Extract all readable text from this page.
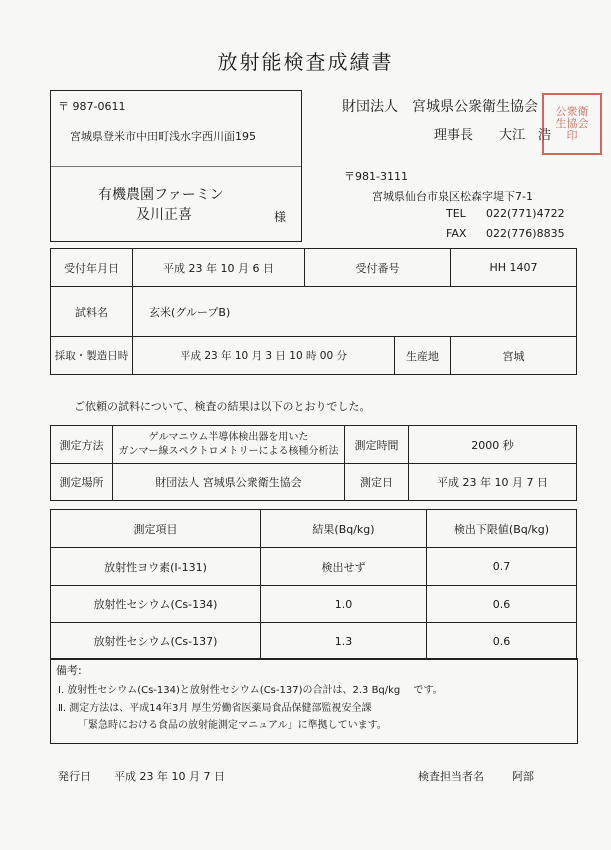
放射能検査成績書
〒 987-0611
宮城県登米市中田町浅水字西川面195
有機農園ファーミン
及川正喜	様
財団法人　宮城県公衆衛生協会
理事長　　大江　浩
公衆衛生協会印
〒981-3111
宮城県仙台市泉区松森字堤下7-1
TEL 022(771)4722
FAX 022(776)8835
受付年月日	平成 23 年 10 月 6 日	受付番号		HH 1407
試料名	玄米(グループB)			
採取・製造日時	平成 23 年 10 月 3 日 10 時 00 分		生産地	宮城
ご依頼の試料について、検査の結果は以下のとおりでした。
測定方法	ゲルマニウム半導体検出器を用いた
ガンマー線スペクトロメトリーによる核種分析法	測定時間	2000 秒
測定場所	財団法人 宮城県公衆衛生協会	測定日	平成 23 年 10 月 7 日
測定項目	結果(Bq/kg)	検出下限値(Bq/kg)
放射性ヨウ素(I-131)	検出せず	0.7
放射性セシウム(Cs-134)	1.0	0.6
放射性セシウム(Cs-137)	1.3	0.6
備考:
Ⅰ. 放射性セシウム(Cs-134)と放射性セシウム(Cs-137)の合計は、2.3 Bq/kg　 です。
Ⅱ. 測定方法は、平成14年3月 厚生労働省医薬局食品保健部監視安全課
「緊急時における食品の放射能測定マニュアル」に準拠しています。
発行日 平成 23 年 10 月 7 日	検査担当者名	阿部
